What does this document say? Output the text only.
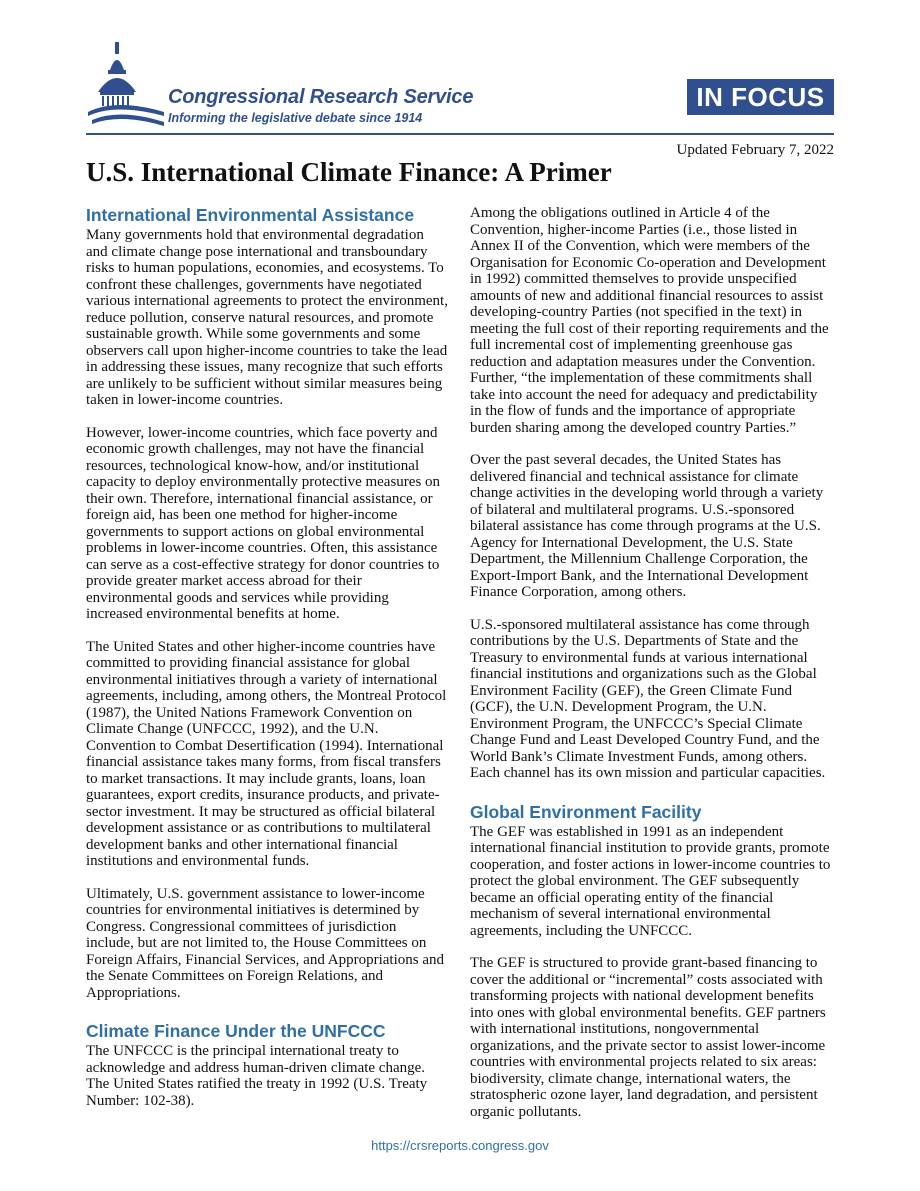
Congressional Research Service
Informing the legislative debate since 1914
IN FOCUS
Updated February 7, 2022
U.S. International Climate Finance: A Primer
International Environmental Assistance

Many governments hold that environmental degradation and climate change pose international and transboundary risks to human populations, economies, and ecosystems. To confront these challenges, governments have negotiated various international agreements to protect the environment, reduce pollution, conserve natural resources, and promote sustainable growth. While some governments and some observers call upon higher-income countries to take the lead in addressing these issues, many recognize that such efforts are unlikely to be sufficient without similar measures being taken in lower-income countries.

However, lower-income countries, which face poverty and economic growth challenges, may not have the financial resources, technological know-how, and/or institutional capacity to deploy environmentally protective measures on their own. Therefore, international financial assistance, or foreign aid, has been one method for higher-income governments to support actions on global environmental problems in lower-income countries. Often, this assistance can serve as a cost-effective strategy for donor countries to provide greater market access abroad for their environmental goods and services while providing increased environmental benefits at home.

The United States and other higher-income countries have committed to providing financial assistance for global environmental initiatives through a variety of international agreements, including, among others, the Montreal Protocol (1987), the United Nations Framework Convention on Climate Change (UNFCCC, 1992), and the U.N. Convention to Combat Desertification (1994). International financial assistance takes many forms, from fiscal transfers to market transactions. It may include grants, loans, loan guarantees, export credits, insurance products, and private-sector investment. It may be structured as official bilateral development assistance or as contributions to multilateral development banks and other international financial institutions and environmental funds.

Ultimately, U.S. government assistance to lower-income countries for environmental initiatives is determined by Congress. Congressional committees of jurisdiction include, but are not limited to, the House Committees on Foreign Affairs, Financial Services, and Appropriations and the Senate Committees on Foreign Relations, and Appropriations.

Climate Finance Under the UNFCCC

The UNFCCC is the principal international treaty to acknowledge and address human-driven climate change. The United States ratified the treaty in 1992 (U.S. Treaty Number: 102-38).

Among the obligations outlined in Article 4 of the Convention, higher-income Parties (i.e., those listed in Annex II of the Convention, which were members of the Organisation for Economic Co-operation and Development in 1992) committed themselves to provide unspecified amounts of new and additional financial resources to assist developing-country Parties (not specified in the text) in meeting the full cost of their reporting requirements and the full incremental cost of implementing greenhouse gas reduction and adaptation measures under the Convention. Further, “the implementation of these commitments shall take into account the need for adequacy and predictability in the flow of funds and the importance of appropriate burden sharing among the developed country Parties.”

Over the past several decades, the United States has delivered financial and technical assistance for climate change activities in the developing world through a variety of bilateral and multilateral programs. U.S.-sponsored bilateral assistance has come through programs at the U.S. Agency for International Development, the U.S. State Department, the Millennium Challenge Corporation, the Export-Import Bank, and the International Development Finance Corporation, among others.

U.S.-sponsored multilateral assistance has come through contributions by the U.S. Departments of State and the Treasury to environmental funds at various international financial institutions and organizations such as the Global Environment Facility (GEF), the Green Climate Fund (GCF), the U.N. Development Program, the U.N. Environment Program, the UNFCCC’s Special Climate Change Fund and Least Developed Country Fund, and the World Bank’s Climate Investment Funds, among others. Each channel has its own mission and particular capacities.

Global Environment Facility

The GEF was established in 1991 as an independent international financial institution to provide grants, promote cooperation, and foster actions in lower-income countries to protect the global environment. The GEF subsequently became an official operating entity of the financial mechanism of several international environmental agreements, including the UNFCCC.

The GEF is structured to provide grant-based financing to cover the additional or “incremental” costs associated with transforming projects with national development benefits into ones with global environmental benefits. GEF partners with international institutions, nongovernmental organizations, and the private sector to assist lower-income countries with environmental projects related to six areas: biodiversity, climate change, international waters, the stratospheric ozone layer, land degradation, and persistent organic pollutants.

https://crsreports.congress.gov
